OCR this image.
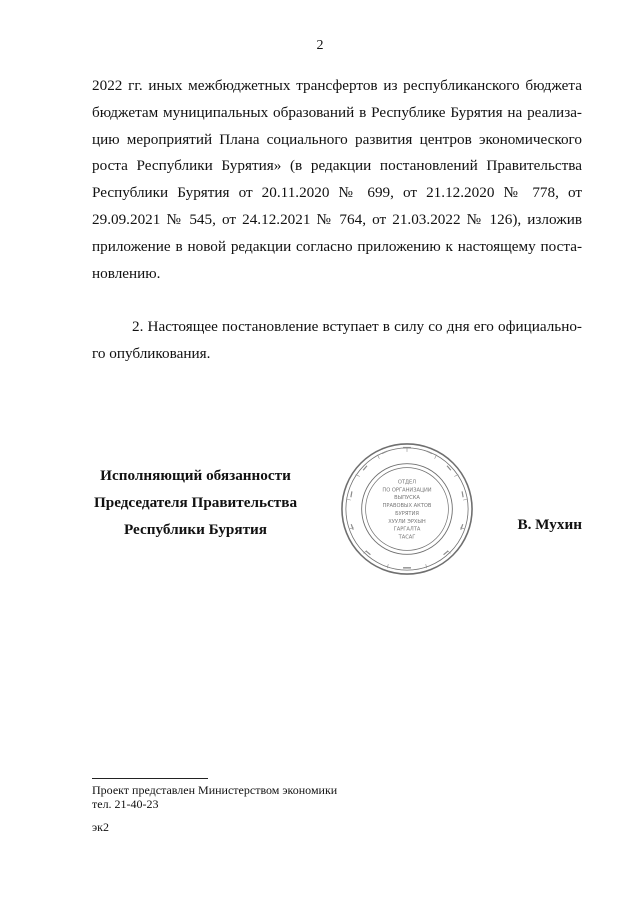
2
2022 гг. иных межбюджетных трансфертов из республиканского бюджета
бюджетам муниципальных образований в Республике Бурятия на реализа-
цию мероприятий Плана социального развития центров экономического
роста Республики Бурятия» (в редакции постановлений Правительства
Республики Бурятия от 20.11.2020 № 699, от 21.12.2020 № 778, от
29.09.2021 № 545, от 24.12.2021 № 764, от 21.03.2022 № 126), изложив
приложение в новой редакции согласно приложению к настоящему поста-
новлению.
2. Настоящее постановление вступает в силу со дня его официально-
го опубликования.
Исполняющий обязанности
Председателя Правительства
Республики Бурятия
ОТДЕЛ
ПО ОРГАНИЗАЦИИ
ВЫПУСКА
ПРАВОВЫХ АКТОВ
БУРЯТИЯ
ХУУЛИ ЭРХЫН
ГАРГАЛТА
ТАСАГ
В. Мухин
Проект представлен Министерством экономики
тел. 21-40-23
эк2
